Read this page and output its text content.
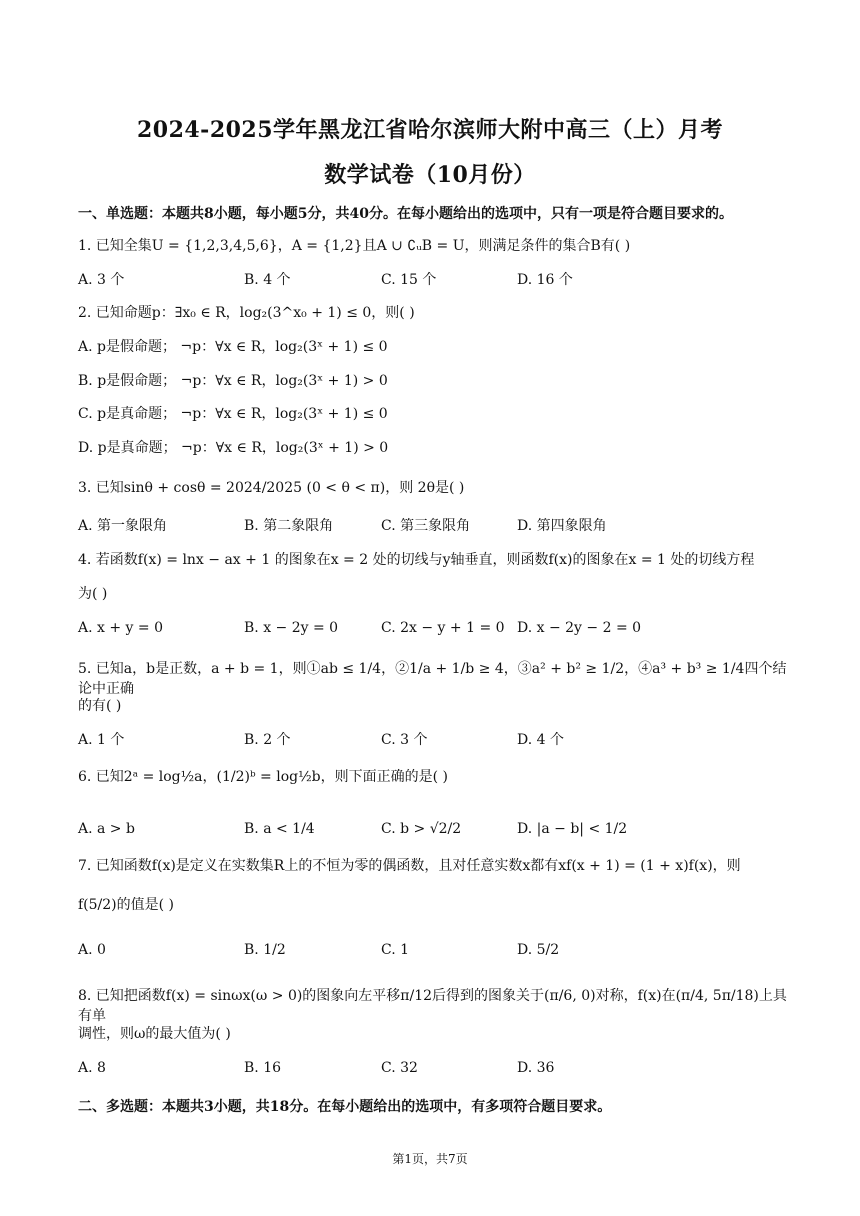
2024-2025学年黑龙江省哈尔滨师大附中高三（上）月考
数学试卷（10月份）
一、单选题：本题共8小题，每小题5分，共40分。在每小题给出的选项中，只有一项是符合题目要求的。
1. 已知全集U = {1,2,3,4,5,6}，A = {1,2}且A ∪ ∁ᵤB = U，则满足条件的集合B有( )
A. 3 个	B. 4 个	C. 15 个	D. 16 个
2. 已知命题p：∃x₀ ∈ R，log₂(3^x₀ + 1) ≤ 0，则( )
A. p是假命题； ¬p：∀x ∈ R，log₂(3ˣ + 1) ≤ 0
B. p是假命题； ¬p：∀x ∈ R，log₂(3ˣ + 1) > 0
C. p是真命题； ¬p：∀x ∈ R，log₂(3ˣ + 1) ≤ 0
D. p是真命题； ¬p：∀x ∈ R，log₂(3ˣ + 1) > 0
3. 已知sinθ + cosθ = 2024/2025 (0 < θ < π)，则 2θ是( )
A. 第一象限角	B. 第二象限角	C. 第三象限角	D. 第四象限角
4. 若函数f(x) = lnx − ax + 1 的图象在x = 2 处的切线与y轴垂直，则函数f(x)的图象在x = 1 处的切线方程
为( )
A. x + y = 0	B. x − 2y = 0	C. 2x − y + 1 = 0 D. x − 2y − 2 = 0
5. 已知a，b是正数，a + b = 1，则①ab ≤ 1/4，②1/a + 1/b ≥ 4，③a² + b² ≥ 1/2，④a³ + b³ ≥ 1/4四个结论中正确
的有( )
A. 1 个	B. 2 个	C. 3 个	D. 4 个
6. 已知2ᵃ = log½a，(1/2)ᵇ = log½b，则下面正确的是( )
A. a > b	B. a < 1/4	C. b > √2/2	D. |a − b| < 1/2
7. 已知函数f(x)是定义在实数集R上的不恒为零的偶函数，且对任意实数x都有xf(x + 1) = (1 + x)f(x)，则
f(5/2)的值是( )
A. 0	B. 1/2	C. 1	D. 5/2
8. 已知把函数f(x) = sinωx(ω > 0)的图象向左平移π/12后得到的图象关于(π/6, 0)对称，f(x)在(π/4, 5π/18)上具有单
调性，则ω的最大值为( )
A. 8	B. 16	C. 32	D. 36
二、多选题：本题共3小题，共18分。在每小题给出的选项中，有多项符合题目要求。
第1页，共7页
